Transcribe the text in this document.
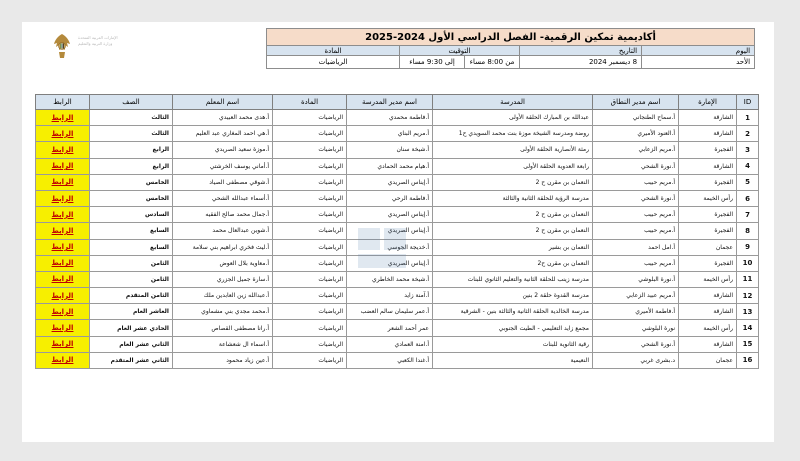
الإمارات العربية المتحدة
وزارة التربية والتعليم
أكاديمية تمكين الرقمية- الفصل الدراسي الأول 2024-2025				
اليوم	التاريخ	التوقيت		المادة
الأحد	8 ديسمبر 2024	من 8:00 مساء	إلى 9:30 مساء	الرياضيات
ID	الإمارة	اسم مدير النطاق	المدرسة	اسم مدير المدرسة	المادة	اسم المعلم	الصف	الرابط
1	الشارقة	أ.سماح الطنجاني	عبدالله بن المبارك الحلقة الأولى	أ.فاطمة محمدي	الرياضيات	أ.هدى محمد العبيدي	الثالث	الرابط
2	الشارقة	أ.العنود الأميري	روضة ومدرسة الشيخة موزة بنت محمد السويدي ح1	أ.مريم البناي	الرياضيات	أ.هي احمد المغاري عبد العليم	الثالث	الرابط
3	الفجيرة	أ.مريم الزعابي	رمثة الأنصارية الحلقة الأولى	أ.شيخة سنان	الرياضيات	أ.موزة سعيد الصريدي	الرابع	الرابط
4	الشارقة	أ.نورة الشحي	رابعة العدوية الحلقة الأولى	أ.هيام محمد الحمادي	الرياضيات	أ.أماني يوسف الخرشتي	الرابع	الرابط
5	الفجيرة	أ.مريم حبيب	النعمان بن مقرن ح 2	أ.إيناس الصريدي	الرياضيات	أ.شوقي مصطفى الصياد	الخامس	الرابط
6	رأس الخيمة	أ.نورة الشحي	مدرسة الرؤية للحلقة الثانية والثالثة	أ.فاطمة الرحي	الرياضيات	أ.أسماء عبدالله الشحي	الخامس	الرابط
7	الفجيرة	أ.مريم حبيب	النعمان بن مقرن ح 2	أ.إيناس الصريدي	الرياضيات	أ.جمال محمد صالح الفقيه	السادس	الرابط
8	الفجيرة	أ.مريم حبيب	النعمان بن مقرن ح 2	أ.إيناس الصريدي	الرياضيات	أ.شوين عبدالعال محمد	السابع	الرابط
9	عجمان	أ.امل احمد	النعمان بن بشير	أ.خديجة الجوسي	الرياضيات	أ.ليث فخري ابراهيم بني سلامة	السابع	الرابط
10	الفجيرة	أ.مريم حبيب	النعمان بن مقرن ح2	أ.إيناس الصريدي	الرياضيات	أ.معاوية بلال العوض	الثامن	الرابط
11	رأس الخيمة	أ.نورة البلوشي	مدرسة زينب للحلقة الثانية والتعليم الثانوي للبنات	أ.شيخة محمد الخاطري	الرياضيات	أ.سارة جميل الجزري	الثامن	الرابط
12	الشارقة	أ.مريم عبيد الزعابي	مدرسة القدوة حلقة 2 بنين	أ.آمنة زايد	الرياضيات	أ.عبدالله زين العابدين ملك	الثامن المتقدم	الرابط
13	الشارقة	أ.فاطمة الأميري	مدرسة الخالدية الحلقة الثانية والثالثة بنين - الشرقية	أ.عمر سليمان سالم العضب	الرياضيات	أ.محمد مجدي بني مشماوي	العاشر العام	الرابط
14	رأس الخيمة	نورة البلوشي	مجمع زايد التعليمي - الطيت الجنوبي	عمر أحمد الشعر	الرياضيات	أ.رانا مصطفى القصاص	الحادي عشر العام	الرابط
15	الشارقة	أ.نورة الشحي	رقية الثانوية للبنات	أ.امنة العمادي	الرياضيات	أ.اسماء ال شعشاعة	الثاني عشر العام	الرابط
16	عجمان	د.بشرى غربي	النعيمية	أ.غندا الكعبي	الرياضيات	أ.عين زياد محمود	الثاني عشر المتقدم	الرابط
